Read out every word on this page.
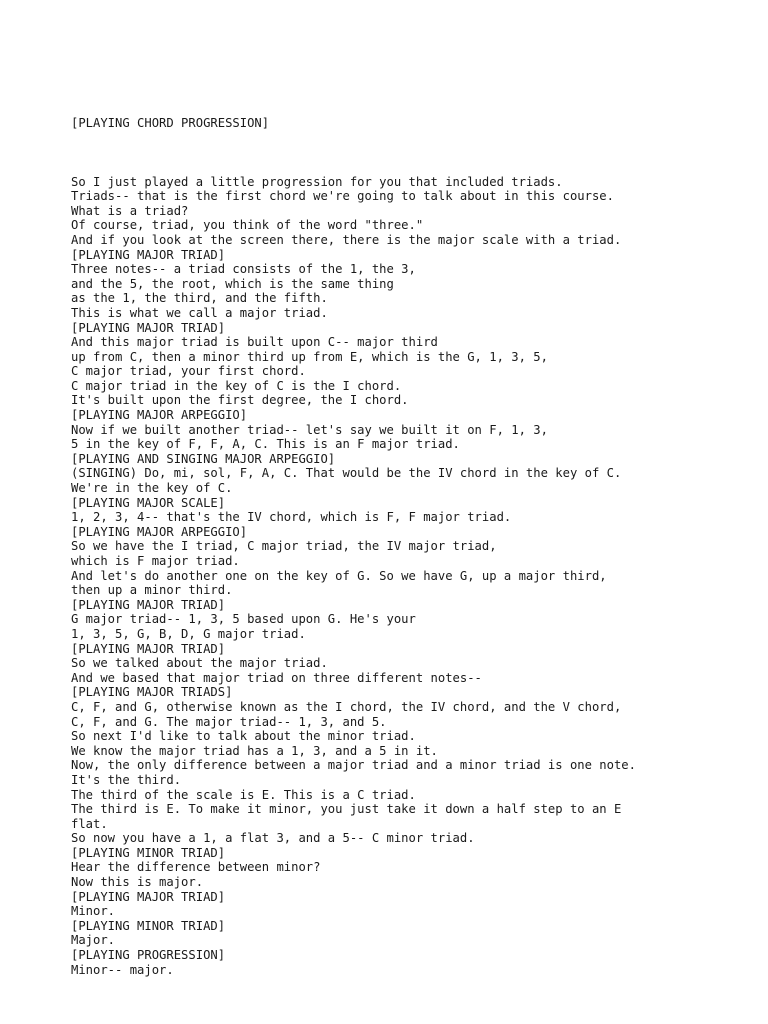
[PLAYING CHORD PROGRESSION]

So I just played a little progression for you that included triads.
Triads-- that is the first chord we're going to talk about in this course.
What is a triad?
Of course, triad, you think of the word "three."
And if you look at the screen there, there is the major scale with a triad.
[PLAYING MAJOR TRIAD]
Three notes-- a triad consists of the 1, the 3,
and the 5, the root, which is the same thing
as the 1, the third, and the fifth.
This is what we call a major triad.
[PLAYING MAJOR TRIAD]
And this major triad is built upon C-- major third
up from C, then a minor third up from E, which is the G, 1, 3, 5,
C major triad, your first chord.
C major triad in the key of C is the I chord.
It's built upon the first degree, the I chord.
[PLAYING MAJOR ARPEGGIO]
Now if we built another triad-- let's say we built it on F, 1, 3,
5 in the key of F, F, A, C. This is an F major triad.
[PLAYING AND SINGING MAJOR ARPEGGIO]
(SINGING) Do, mi, sol, F, A, C. That would be the IV chord in the key of C.
We're in the key of C.
[PLAYING MAJOR SCALE]
1, 2, 3, 4-- that's the IV chord, which is F, F major triad.
[PLAYING MAJOR ARPEGGIO]
So we have the I triad, C major triad, the IV major triad,
which is F major triad.
And let's do another one on the key of G. So we have G, up a major third,
then up a minor third.
[PLAYING MAJOR TRIAD]
G major triad-- 1, 3, 5 based upon G. He's your
1, 3, 5, G, B, D, G major triad.
[PLAYING MAJOR TRIAD]
So we talked about the major triad.
And we based that major triad on three different notes--
[PLAYING MAJOR TRIADS]
C, F, and G, otherwise known as the I chord, the IV chord, and the V chord,
C, F, and G. The major triad-- 1, 3, and 5.
So next I'd like to talk about the minor triad.
We know the major triad has a 1, 3, and a 5 in it.
Now, the only difference between a major triad and a minor triad is one note.
It's the third.
The third of the scale is E. This is a C triad.
The third is E. To make it minor, you just take it down a half step to an E
flat.
So now you have a 1, a flat 3, and a 5-- C minor triad.
[PLAYING MINOR TRIAD]
Hear the difference between minor?
Now this is major.
[PLAYING MAJOR TRIAD]
Minor.
[PLAYING MINOR TRIAD]
Major.
[PLAYING PROGRESSION]
Minor-- major.
